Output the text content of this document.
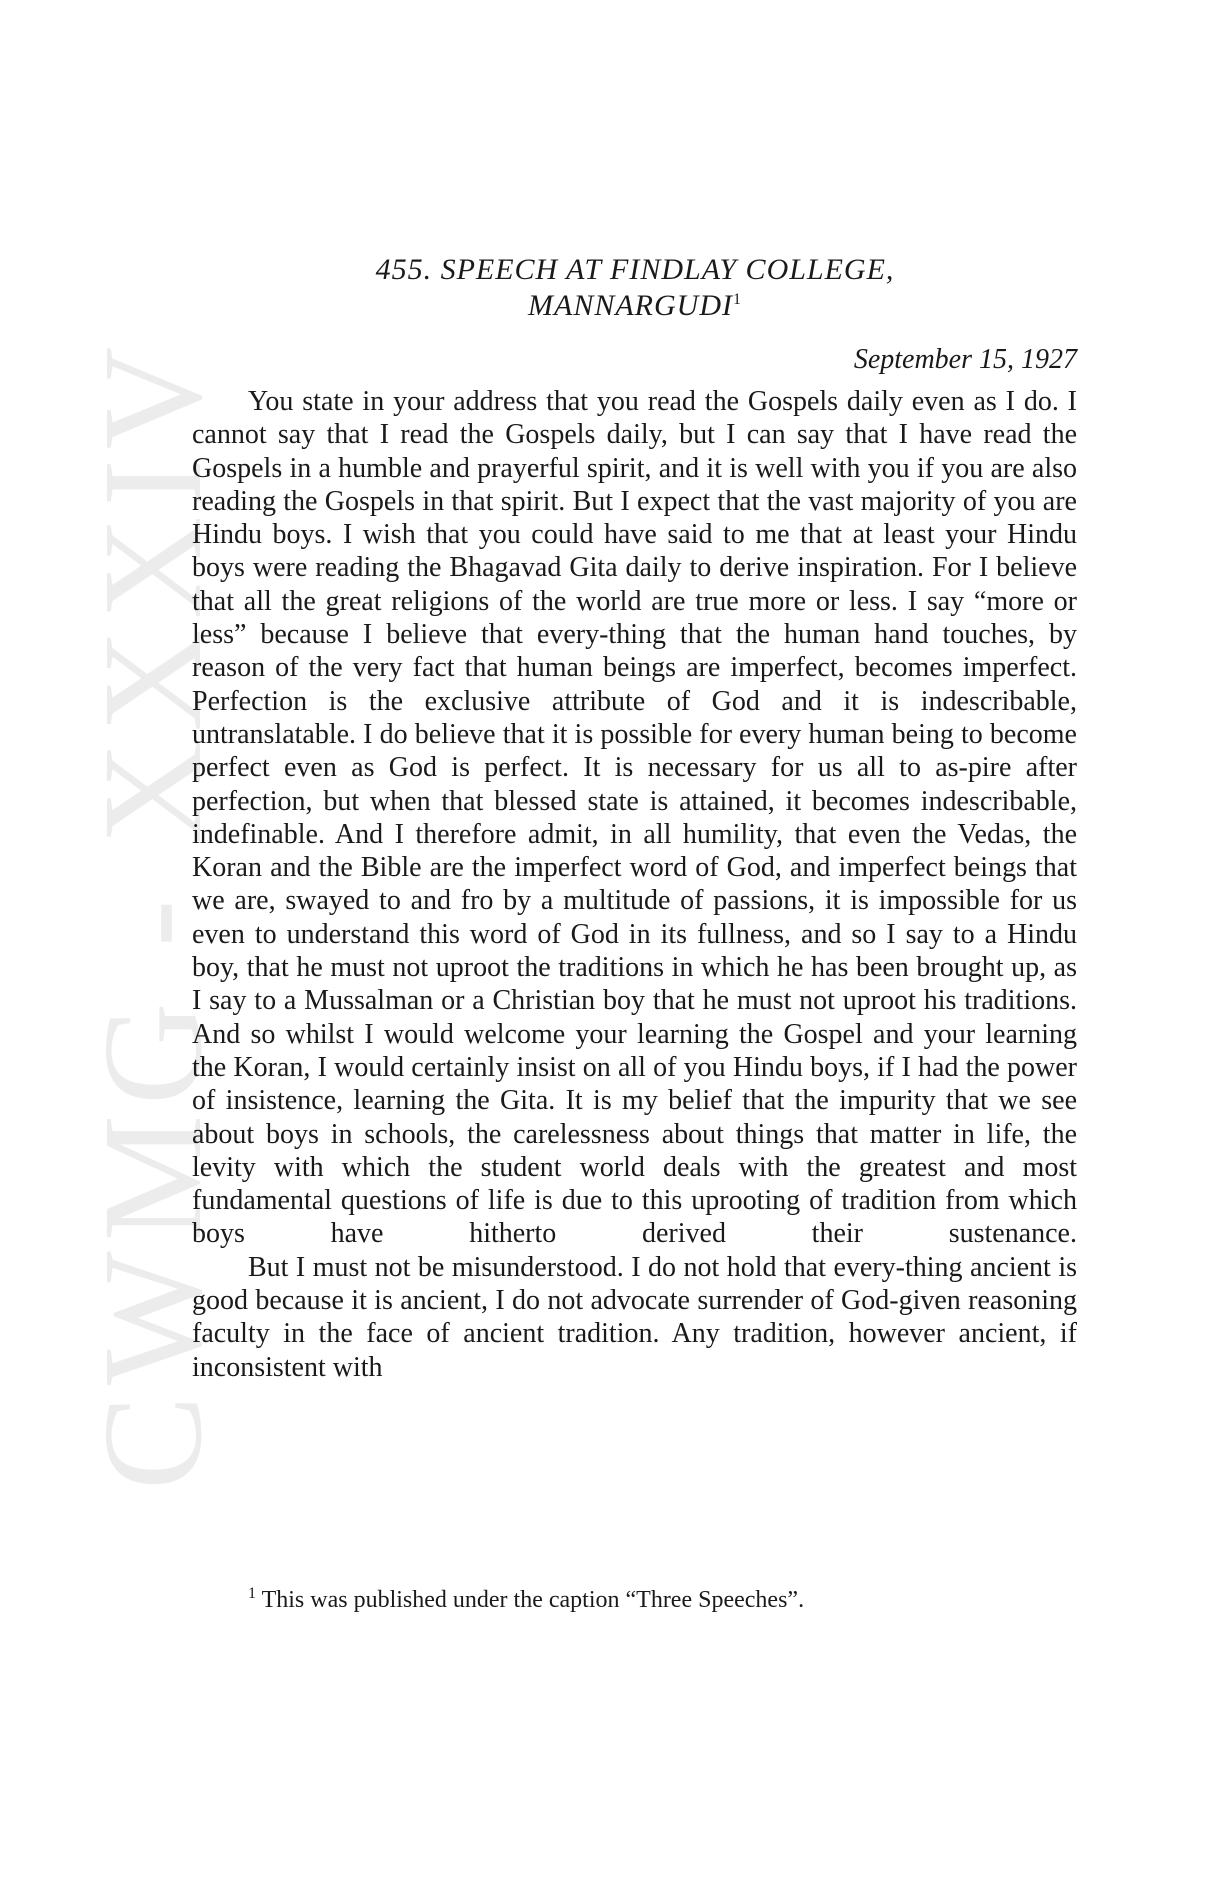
CWMG - XXXIV
455. SPEECH AT FINDLAY COLLEGE,
MANNARGUDI$^1$
September 15, 1927

You state in your address that you read the Gospels daily even as I do. I cannot say that I read the Gospels daily, but I can say that I have read the Gospels in a humble and prayerful spirit, and it is well with you if you are also reading the Gospels in that spirit. But I expect that the vast majority of you are Hindu boys. I wish that you could have said to me that at least your Hindu boys were reading the Bhagavad Gita daily to derive inspiration. For I believe that all the great religions of the world are true more or less. I say “more or less” because I believe that every-thing that the human hand touches, by reason of the very fact that human beings are imperfect, becomes imperfect. Perfection is the exclusive attribute of God and it is indescribable, untranslatable. I do believe that it is possible for every human being to become perfect even as God is perfect. It is necessary for us all to as-pire after perfection, but when that blessed state is attained, it becomes indescribable, indefinable. And I therefore admit, in all humility, that even the Vedas, the Koran and the Bible are the imperfect word of God, and imperfect beings that we are, swayed to and fro by a multitude of passions, it is impossible for us even to understand this word of God in its fullness, and so I say to a Hindu boy, that he must not uproot the traditions in which he has been brought up, as I say to a Mussalman or a Christian boy that he must not uproot his traditions. And so whilst I would welcome your learning the Gospel and your learning the Koran, I would certainly insist on all of you Hindu boys, if I had the power of insistence, learning the Gita. It is my belief that the impurity that we see about boys in schools, the carelessness about things that matter in life, the levity with which the student world deals with the greatest and most fundamental questions of life is due to this uprooting of tradition from which boys have hitherto derived their sustenance.

But I must not be misunderstood. I do not hold that every-thing ancient is good because it is ancient, I do not advocate surrender of God-given reasoning faculty in the face of ancient tradition. Any tradition, however ancient, if inconsistent with

$^1$ This was published under the caption “Three Speeches”.
